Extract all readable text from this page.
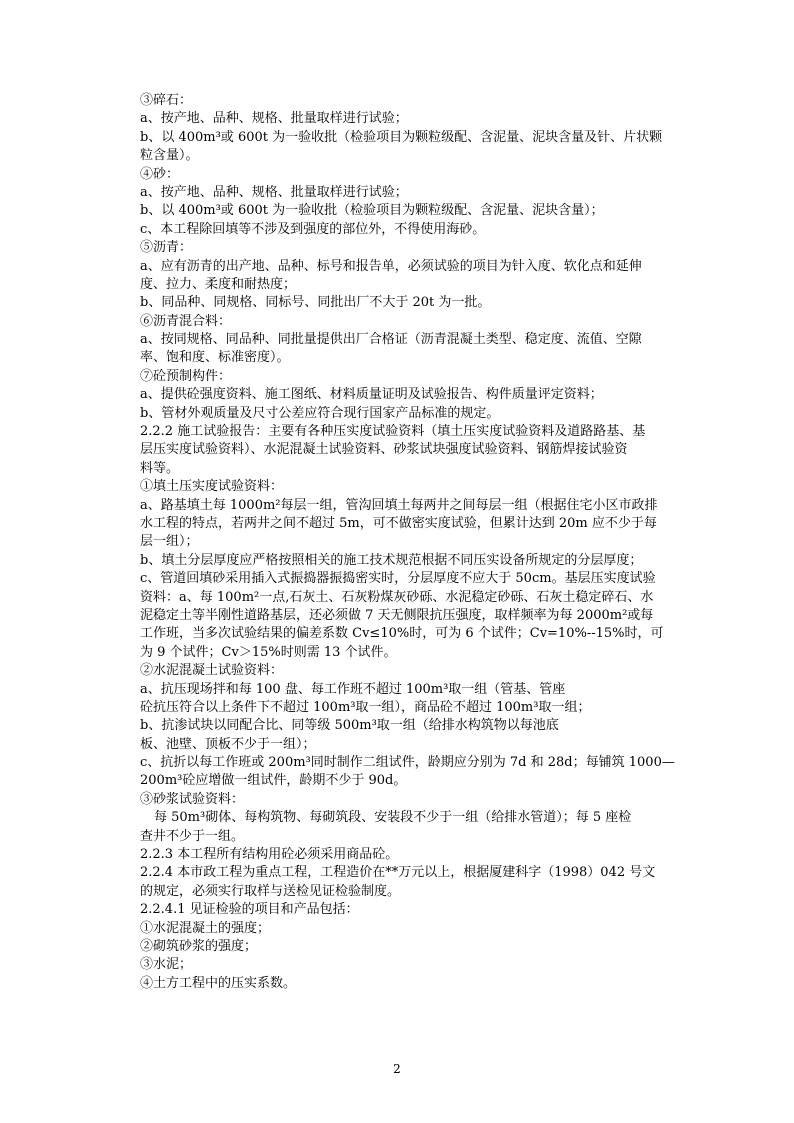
③碎石：
a、按产地、品种、规格、批量取样进行试验；
b、以 400m³或 600t 为一验收批（检验项目为颗粒级配、含泥量、泥块含量及针、片状颗
粒含量）。
④砂：
a、按产地、品种、规格、批量取样进行试验；
b、以 400m³或 600t 为一验收批（检验项目为颗粒级配、含泥量、泥块含量）；
c、本工程除回填等不涉及到强度的部位外，不得使用海砂。
⑤沥青：
a、应有沥青的出产地、品种、标号和报告单，必须试验的项目为针入度、软化点和延伸
度、拉力、柔度和耐热度；
b、同品种、同规格、同标号、同批出厂不大于 20t 为一批。
⑥沥青混合料：
a、按同规格、同品种、同批量提供出厂合格证（沥青混凝土类型、稳定度、流值、空隙
率、饱和度、标准密度）。
⑦砼预制构件：
a、提供砼强度资料、施工图纸、材料质量证明及试验报告、构件质量评定资料；
b、管材外观质量及尺寸公差应符合现行国家产品标准的规定。
2.2.2 施工试验报告：主要有各种压实度试验资料（填土压实度试验资料及道路路基、基
层压实度试验资料）、水泥混凝土试验资料、砂浆试块强度试验资料、钢筋焊接试验资
料等。
①填土压实度试验资料：
a、路基填土每 1000m²每层一组，管沟回填土每两井之间每层一组（根据住宅小区市政排
水工程的特点，若两井之间不超过 5m，可不做密实度试验，但累计达到 20m 应不少于每
层一组）；
b、填土分层厚度应严格按照相关的施工技术规范根据不同压实设备所规定的分层厚度；
c、管道回填砂采用插入式振捣器振捣密实时，分层厚度不应大于 50cm。基层压实度试验
资料：a、每 100m²一点,石灰土、石灰粉煤灰砂砾、水泥稳定砂砾、石灰土稳定碎石、水
泥稳定土等半刚性道路基层，还必须做 7 天无侧限抗压强度，取样频率为每 2000m²或每
工作班，当多次试验结果的偏差系数 Cv≤10%时，可为 6 个试件；Cv=10%--15%时，可
为 9 个试件；Cv＞15%时则需 13 个试件。
②水泥混凝土试验资料：
a、抗压现场拌和每 100 盘、每工作班不超过 100m³取一组（管基、管座
砼抗压符合以上条件下不超过 100m³取一组），商品砼不超过 100m³取一组；
b、抗渗试块以同配合比、同等级 500m³取一组（给排水构筑物以每池底
板、池壁、顶板不少于一组）；
c、抗折以每工作班或 200m³同时制作二组试件，龄期应分别为 7d 和 28d；每铺筑 1000—
200m³砼应增做一组试件，龄期不少于 90d。
③砂浆试验资料：
每 50m³砌体、每构筑物、每砌筑段、安装段不少于一组（给排水管道）；每 5 座检
查井不少于一组。
2.2.3 本工程所有结构用砼必须采用商品砼。
2.2.4 本市政工程为重点工程，工程造价在**万元以上，根据厦建科字（1998）042 号文
的规定，必须实行取样与送检见证检验制度。
2.2.4.1 见证检验的项目和产品包括：
①水泥混凝土的强度；
②砌筑砂浆的强度；
③水泥；
④土方工程中的压实系数。
2
